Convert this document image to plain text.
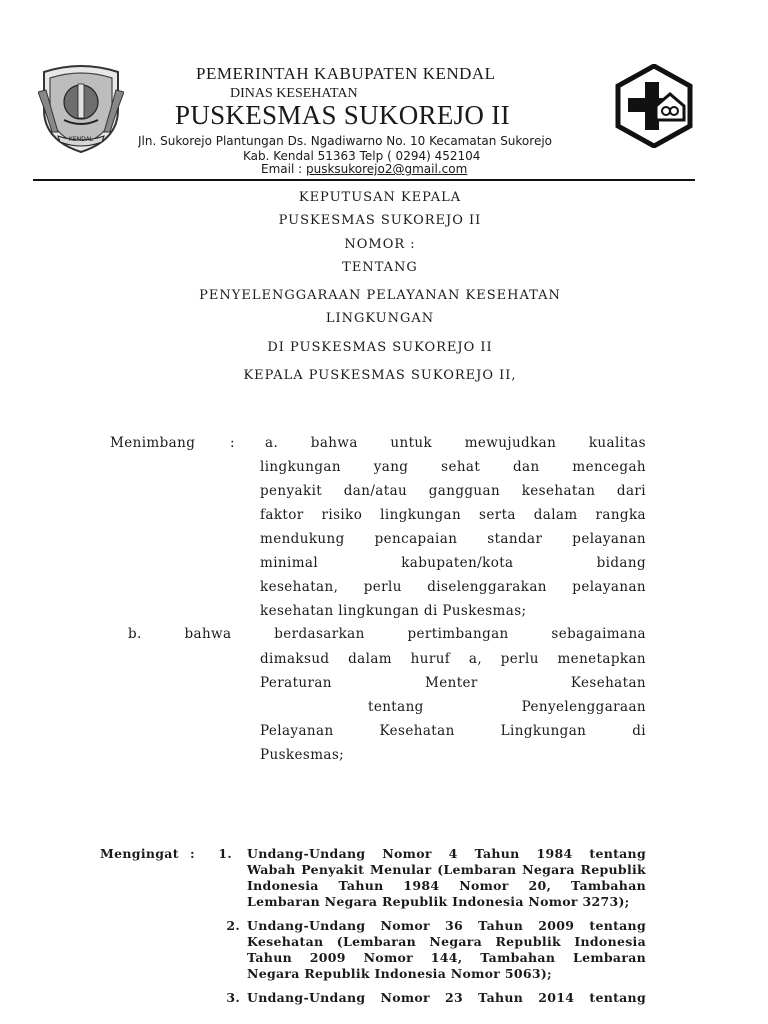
KENDAL
PEMERINTAH KABUPATEN KENDAL
DINAS KESEHATAN
PUSKESMAS SUKOREJO II
Jln. Sukorejo Plantungan Ds. Ngadiwarno No. 10 Kecamatan Sukorejo
Kab. Kendal 51363 Telp ( 0294) 452104
Email : pusksukorejo2@gmail.com
KEPUTUSAN KEPALA
PUSKESMAS SUKOREJO II
NOMOR :
TENTANG
PENYELENGGARAAN PELAYANAN KESEHATAN
LINGKUNGAN
DI PUSKESMAS SUKOREJO II
KEPALA PUSKESMAS SUKOREJO II,
Menimbang	: a. bahwa untuk mewujudkan kualitas
lingkungan yang sehat dan mencegah
penyakit dan/atau gangguan kesehatan dari
faktor risiko lingkungan serta dalam rangka
mendukung pencapaian standar pelayanan
minimal kabupaten/kota bidang
kesehatan, perlu diselenggarakan pelayanan
kesehatan lingkungan di Puskesmas;
b. bahwa berdasarkan pertimbangan sebagaimana
dimaksud dalam huruf a, perlu menetapkan
Peraturan Menter Kesehatan
tentang Penyelenggaraan
Pelayanan Kesehatan Lingkungan di
Puskesmas;
Mengingat :	1. Undang-Undang Nomor 4 Tahun 1984 tentang
Wabah Penyakit Menular (Lembaran Negara Republik
Indonesia Tahun 1984 Nomor 20, Tambahan
Lembaran Negara Republik Indonesia Nomor 3273);
2. Undang-Undang Nomor 36 Tahun 2009 tentang
Kesehatan (Lembaran Negara Republik Indonesia
Tahun 2009 Nomor 144, Tambahan Lembaran
Negara Republik Indonesia Nomor 5063);
3. Undang-Undang Nomor 23 Tahun 2014 tentang
